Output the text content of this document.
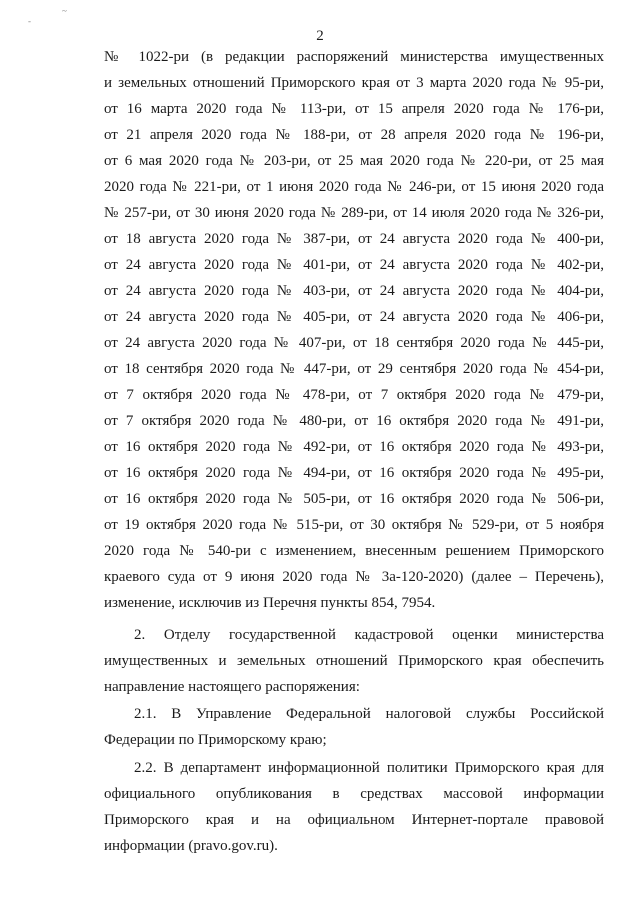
-
~
2
№ 1022-ри (в редакции распоряжений министерства имущественных
и земельных отношений Приморского края от 3 марта 2020 года № 95-ри,
от 16 марта 2020 года № 113-ри, от 15 апреля 2020 года № 176-ри,
от 21 апреля 2020 года № 188-ри, от 28 апреля 2020 года № 196-ри,
от 6 мая 2020 года № 203-ри, от 25 мая 2020 года № 220-ри, от 25 мая
2020 года № 221-ри, от 1 июня 2020 года № 246-ри, от 15 июня 2020 года
№ 257-ри, от 30 июня 2020 года № 289-ри, от 14 июля 2020 года № 326-ри,
от 18 августа 2020 года № 387-ри, от 24 августа 2020 года № 400-ри,
от 24 августа 2020 года № 401-ри, от 24 августа 2020 года № 402-ри,
от 24 августа 2020 года № 403-ри, от 24 августа 2020 года № 404-ри,
от 24 августа 2020 года № 405-ри, от 24 августа 2020 года № 406-ри,
от 24 августа 2020 года № 407-ри, от 18 сентября 2020 года № 445-ри,
от 18 сентября 2020 года № 447-ри, от 29 сентября 2020 года № 454-ри,
от 7 октября 2020 года № 478-ри, от 7 октября 2020 года № 479-ри,
от 7 октября 2020 года № 480-ри, от 16 октября 2020 года № 491-ри,
от 16 октября 2020 года № 492-ри, от 16 октября 2020 года № 493-ри,
от 16 октября 2020 года № 494-ри, от 16 октября 2020 года № 495-ри,
от 16 октября 2020 года № 505-ри, от 16 октября 2020 года № 506-ри,
от 19 октября 2020 года № 515-ри, от 30 октября № 529-ри, от 5 ноября
2020 года № 540-ри с изменением, внесенным решением Приморского
краевого суда от 9 июня 2020 года № 3а-120-2020) (далее – Перечень),
изменение, исключив из Перечня пункты 854, 7954.
2. Отделу государственной кадастровой оценки министерства
имущественных и земельных отношений Приморского края обеспечить
направление настоящего распоряжения:
2.1. В Управление Федеральной налоговой службы Российской
Федерации по Приморскому краю;
2.2. В департамент информационной политики Приморского края для
официального опубликования в средствах массовой информации
Приморского края и на официальном Интернет-портале правовой
информации (pravo.gov.ru).
